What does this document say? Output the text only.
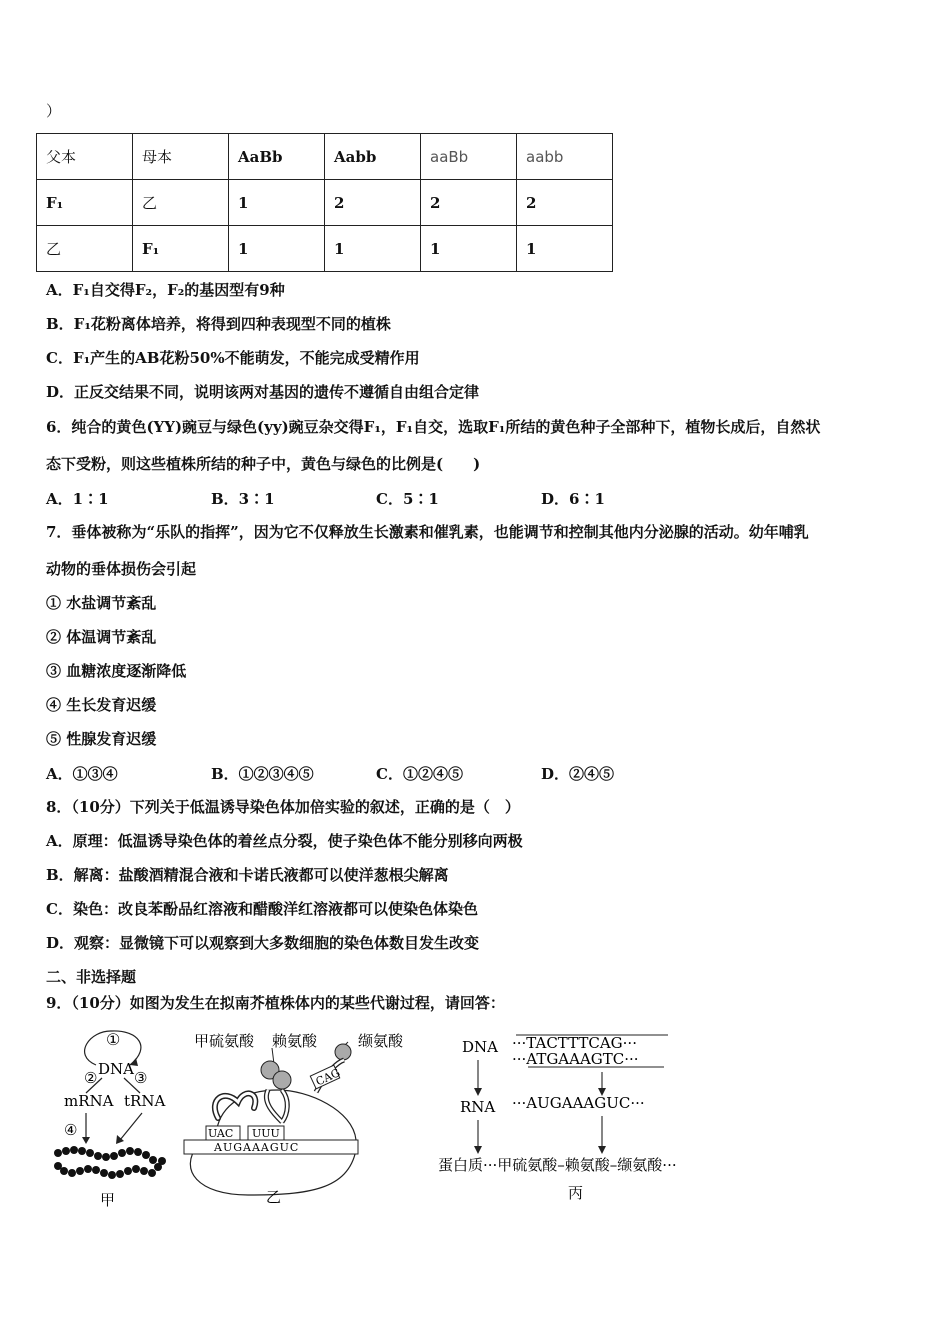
）
父本	母本	AaBb	Aabb	aaBb	aabb
F₁	乙	1	2	2	2
乙	F₁	1	1	1	1
A．F₁自交得F₂，F₂的基因型有9种
B．F₁花粉离体培养，将得到四种表现型不同的植株
C．F₁产生的AB花粉50%不能萌发，不能完成受精作用
D．正反交结果不同，说明该两对基因的遗传不遵循自由组合定律
6．纯合的黄色(YY)豌豆与绿色(yy)豌豆杂交得F₁，F₁自交，选取F₁所结的黄色种子全部种下，植物长成后，自然状
态下受粉，则这些植株所结的种子中，黄色与绿色的比例是(　　)
A．1∶1	B．3∶1	C．5∶1	D．6∶1
7．垂体被称为“乐队的指挥”，因为它不仅释放生长激素和催乳素，也能调节和控制其他内分泌腺的活动。幼年哺乳
动物的垂体损伤会引起
① 水盐调节紊乱
② 体温调节紊乱
③ 血糖浓度逐渐降低
④ 生长发育迟缓
⑤ 性腺发育迟缓
A．①③④	B．①②③④⑤	C．①②④⑤	D．②④⑤
8．（10分）下列关于低温诱导染色体加倍实验的叙述，正确的是（　）
A．原理：低温诱导染色体的着丝点分裂，使子染色体不能分别移向两极
B．解离：盐酸酒精混合液和卡诺氏液都可以使洋葱根尖解离
C．染色：改良苯酚品红溶液和醋酸洋红溶液都可以使染色体染色
D．观察：显微镜下可以观察到大多数细胞的染色体数目发生改变
二、非选择题
9．（10分）如图为发生在拟南芥植株体内的某些代谢过程，请回答：
①
DNA
② ③
mRNA tRNA
④
甲
甲硫氨酸 赖氨酸	缬氨酸
CAG
UAC UUU
AUGAAAGUC
乙
DNA ···TACTTTCAG···
···ATGAAAGTC···
RNA ···AUGAAAGUC···
蛋白质···甲硫氨酸–赖氨酸–缬氨酸···
丙
